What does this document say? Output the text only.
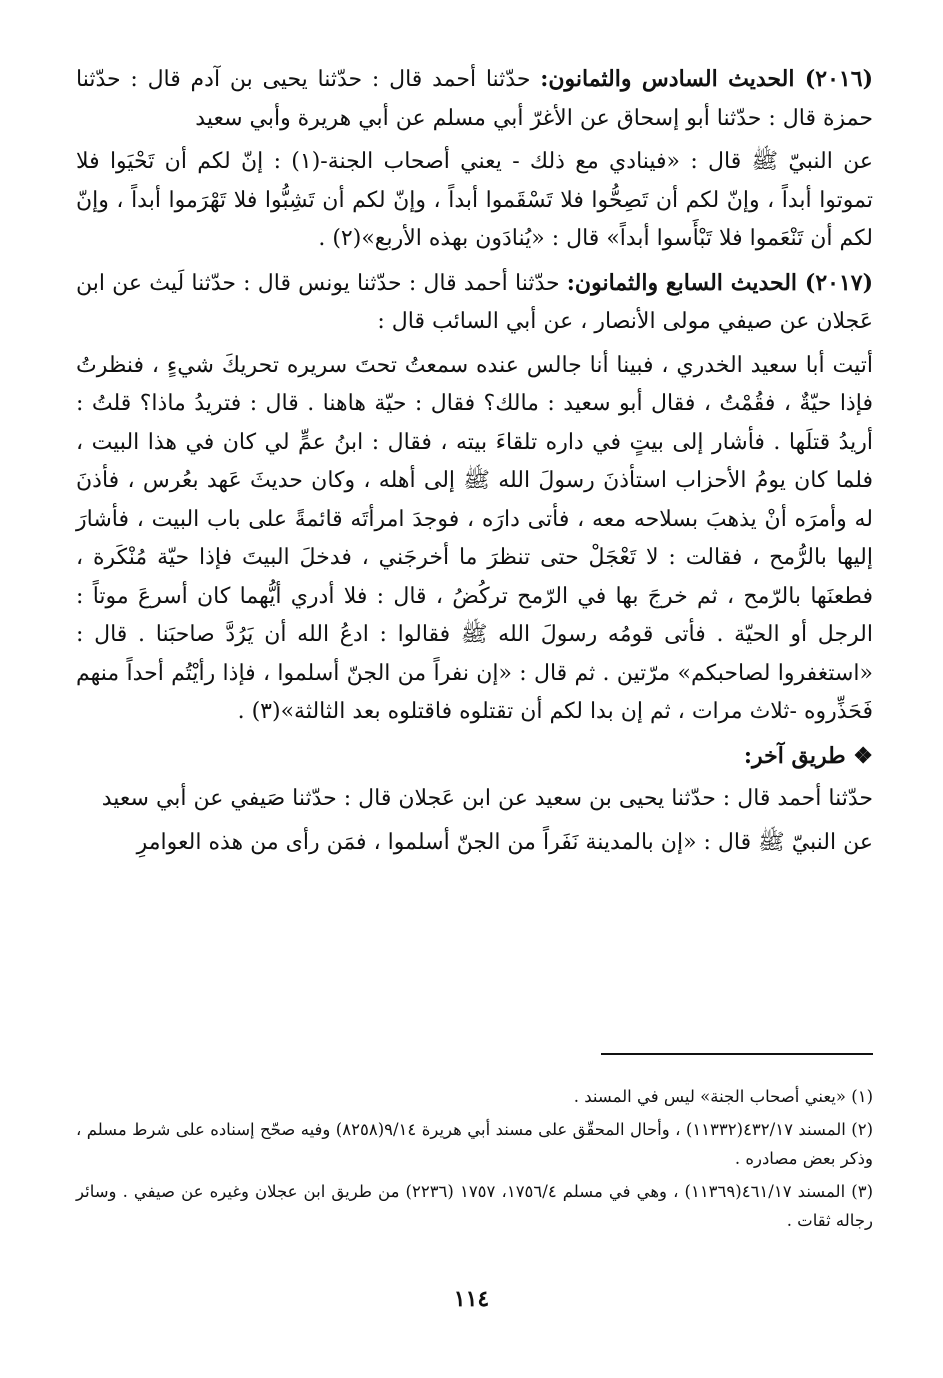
(٢٠١٦) الحديث السادس والثمانون: حدّثنا أحمد قال : حدّثنا يحيى بن آدم قال : حدّثنا حمزة قال : حدّثنا أبو إسحاق عن الأغرّ أبي مسلم عن أبي هريرة وأبي سعيد

عن النبيّ ﷺ قال : «فينادي مع ذلك - يعني أصحاب الجنة-(١) : إنّ لكم أن تَحْيَوا فلا تموتوا أبداً ، وإنّ لكم أن تَصِحُّوا فلا تَسْقَموا أبداً ، وإنّ لكم أن تَشِبُّوا فلا تَهْرَموا أبداً ، وإنّ لكم أن تَنْعَموا فلا تَبْأَسوا أبداً» قال : «يُنادَون بهذه الأربع»(٢) .

(٢٠١٧) الحديث السابع والثمانون: حدّثنا أحمد قال : حدّثنا يونس قال : حدّثنا لَيث عن ابن عَجلان عن صيفي مولى الأنصار ، عن أبي السائب قال :

أتيت أبا سعيد الخدري ، فبينا أنا جالس عنده سمعتُ تحتَ سريره تحريكَ شيءٍ ، فنظرتُ فإذا حيّةٌ ، فقُمْتُ ، فقال أبو سعيد : مالك؟ فقال : حيّة هاهنا . قال : فتريدُ ماذا؟ قلتُ : أريدُ قتلَها . فأشار إلى بيتٍ في داره تلقاءَ بيته ، فقال : ابنُ عمٍّ لي كان في هذا البيت ، فلما كان يومُ الأحزاب استأذنَ رسولَ الله ﷺ إلى أهله ، وكان حديثَ عَهد بعُرس ، فأذنَ له وأمرَه أنْ يذهبَ بسلاحه معه ، فأتى دارَه ، فوجدَ امرأتَه قائمةً على باب البيت ، فأشارَ إليها بالرُّمح ، فقالت : لا تَعْجَلْ حتى تنظرَ ما أخرجَني ، فدخلَ البيتَ فإذا حيّة مُنْكَرة ، فطعنَها بالرّمح ، ثم خرجَ بها في الرّمح تركُضُ ، قال : فلا أدري أيُّهما كان أسرعَ موتاً : الرجل أو الحيّة . فأتى قومُه رسولَ الله ﷺ فقالوا : ادعُ الله أن يَرُدَّ صاحبَنا . قال : «استغفروا لصاحبكم» مرّتين . ثم قال : «إن نفراً من الجنّ أسلموا ، فإذا رأيْتُم أحداً منهم فَحَذِّروه -ثلاث مرات ، ثم إن بدا لكم أن تقتلوه فاقتلوه بعد الثالثة»(٣) .

❖ طريق آخر:

حدّثنا أحمد قال : حدّثنا يحيى بن سعيد عن ابن عَجلان قال : حدّثنا صَيفي عن أبي سعيد

عن النبيّ ﷺ قال : «إن بالمدينة نَفَراً من الجنّ أسلموا ، فمَن رأى من هذه العوامرِ

(١) «يعني أصحاب الجنة» ليس في المسند .

(٢) المسند ٤٣٢/١٧(١١٣٣٢) ، وأحال المحقّق على مسند أبي هريرة ٩/١٤(٨٢٥٨) وفيه صحّح إسناده على شرط مسلم ، وذكر بعض مصادره .

(٣) المسند ٤٦١/١٧(١١٣٦٩) ، وهي في مسلم ١٧٥٦/٤، ١٧٥٧ (٢٢٣٦) من طريق ابن عجلان وغيره عن صيفي . وسائر رجاله ثقات .

١١٤
